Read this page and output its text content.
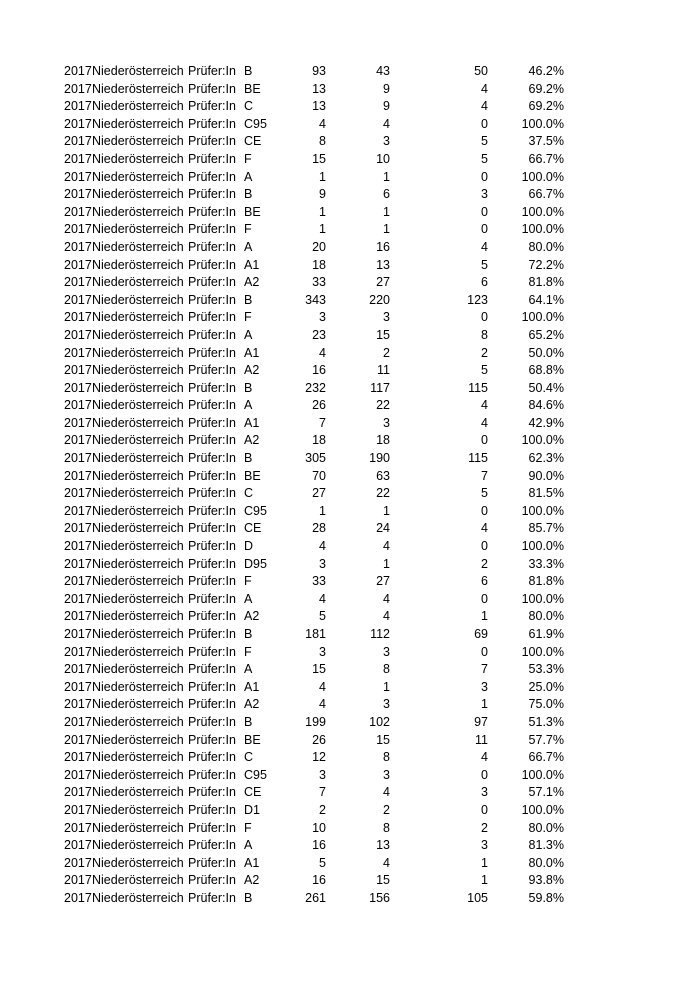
2017	Niederösterreich	Prüfer:In	B	93	43	50	46.2%
2017	Niederösterreich	Prüfer:In	BE	13	9	4	69.2%
2017	Niederösterreich	Prüfer:In	C	13	9	4	69.2%
2017	Niederösterreich	Prüfer:In	C95	4	4	0	100.0%
2017	Niederösterreich	Prüfer:In	CE	8	3	5	37.5%
2017	Niederösterreich	Prüfer:In	F	15	10	5	66.7%
2017	Niederösterreich	Prüfer:In	A	1	1	0	100.0%
2017	Niederösterreich	Prüfer:In	B	9	6	3	66.7%
2017	Niederösterreich	Prüfer:In	BE	1	1	0	100.0%
2017	Niederösterreich	Prüfer:In	F	1	1	0	100.0%
2017	Niederösterreich	Prüfer:In	A	20	16	4	80.0%
2017	Niederösterreich	Prüfer:In	A1	18	13	5	72.2%
2017	Niederösterreich	Prüfer:In	A2	33	27	6	81.8%
2017	Niederösterreich	Prüfer:In	B	343	220	123	64.1%
2017	Niederösterreich	Prüfer:In	F	3	3	0	100.0%
2017	Niederösterreich	Prüfer:In	A	23	15	8	65.2%
2017	Niederösterreich	Prüfer:In	A1	4	2	2	50.0%
2017	Niederösterreich	Prüfer:In	A2	16	11	5	68.8%
2017	Niederösterreich	Prüfer:In	B	232	117	115	50.4%
2017	Niederösterreich	Prüfer:In	A	26	22	4	84.6%
2017	Niederösterreich	Prüfer:In	A1	7	3	4	42.9%
2017	Niederösterreich	Prüfer:In	A2	18	18	0	100.0%
2017	Niederösterreich	Prüfer:In	B	305	190	115	62.3%
2017	Niederösterreich	Prüfer:In	BE	70	63	7	90.0%
2017	Niederösterreich	Prüfer:In	C	27	22	5	81.5%
2017	Niederösterreich	Prüfer:In	C95	1	1	0	100.0%
2017	Niederösterreich	Prüfer:In	CE	28	24	4	85.7%
2017	Niederösterreich	Prüfer:In	D	4	4	0	100.0%
2017	Niederösterreich	Prüfer:In	D95	3	1	2	33.3%
2017	Niederösterreich	Prüfer:In	F	33	27	6	81.8%
2017	Niederösterreich	Prüfer:In	A	4	4	0	100.0%
2017	Niederösterreich	Prüfer:In	A2	5	4	1	80.0%
2017	Niederösterreich	Prüfer:In	B	181	112	69	61.9%
2017	Niederösterreich	Prüfer:In	F	3	3	0	100.0%
2017	Niederösterreich	Prüfer:In	A	15	8	7	53.3%
2017	Niederösterreich	Prüfer:In	A1	4	1	3	25.0%
2017	Niederösterreich	Prüfer:In	A2	4	3	1	75.0%
2017	Niederösterreich	Prüfer:In	B	199	102	97	51.3%
2017	Niederösterreich	Prüfer:In	BE	26	15	11	57.7%
2017	Niederösterreich	Prüfer:In	C	12	8	4	66.7%
2017	Niederösterreich	Prüfer:In	C95	3	3	0	100.0%
2017	Niederösterreich	Prüfer:In	CE	7	4	3	57.1%
2017	Niederösterreich	Prüfer:In	D1	2	2	0	100.0%
2017	Niederösterreich	Prüfer:In	F	10	8	2	80.0%
2017	Niederösterreich	Prüfer:In	A	16	13	3	81.3%
2017	Niederösterreich	Prüfer:In	A1	5	4	1	80.0%
2017	Niederösterreich	Prüfer:In	A2	16	15	1	93.8%
2017	Niederösterreich	Prüfer:In	B	261	156	105	59.8%
